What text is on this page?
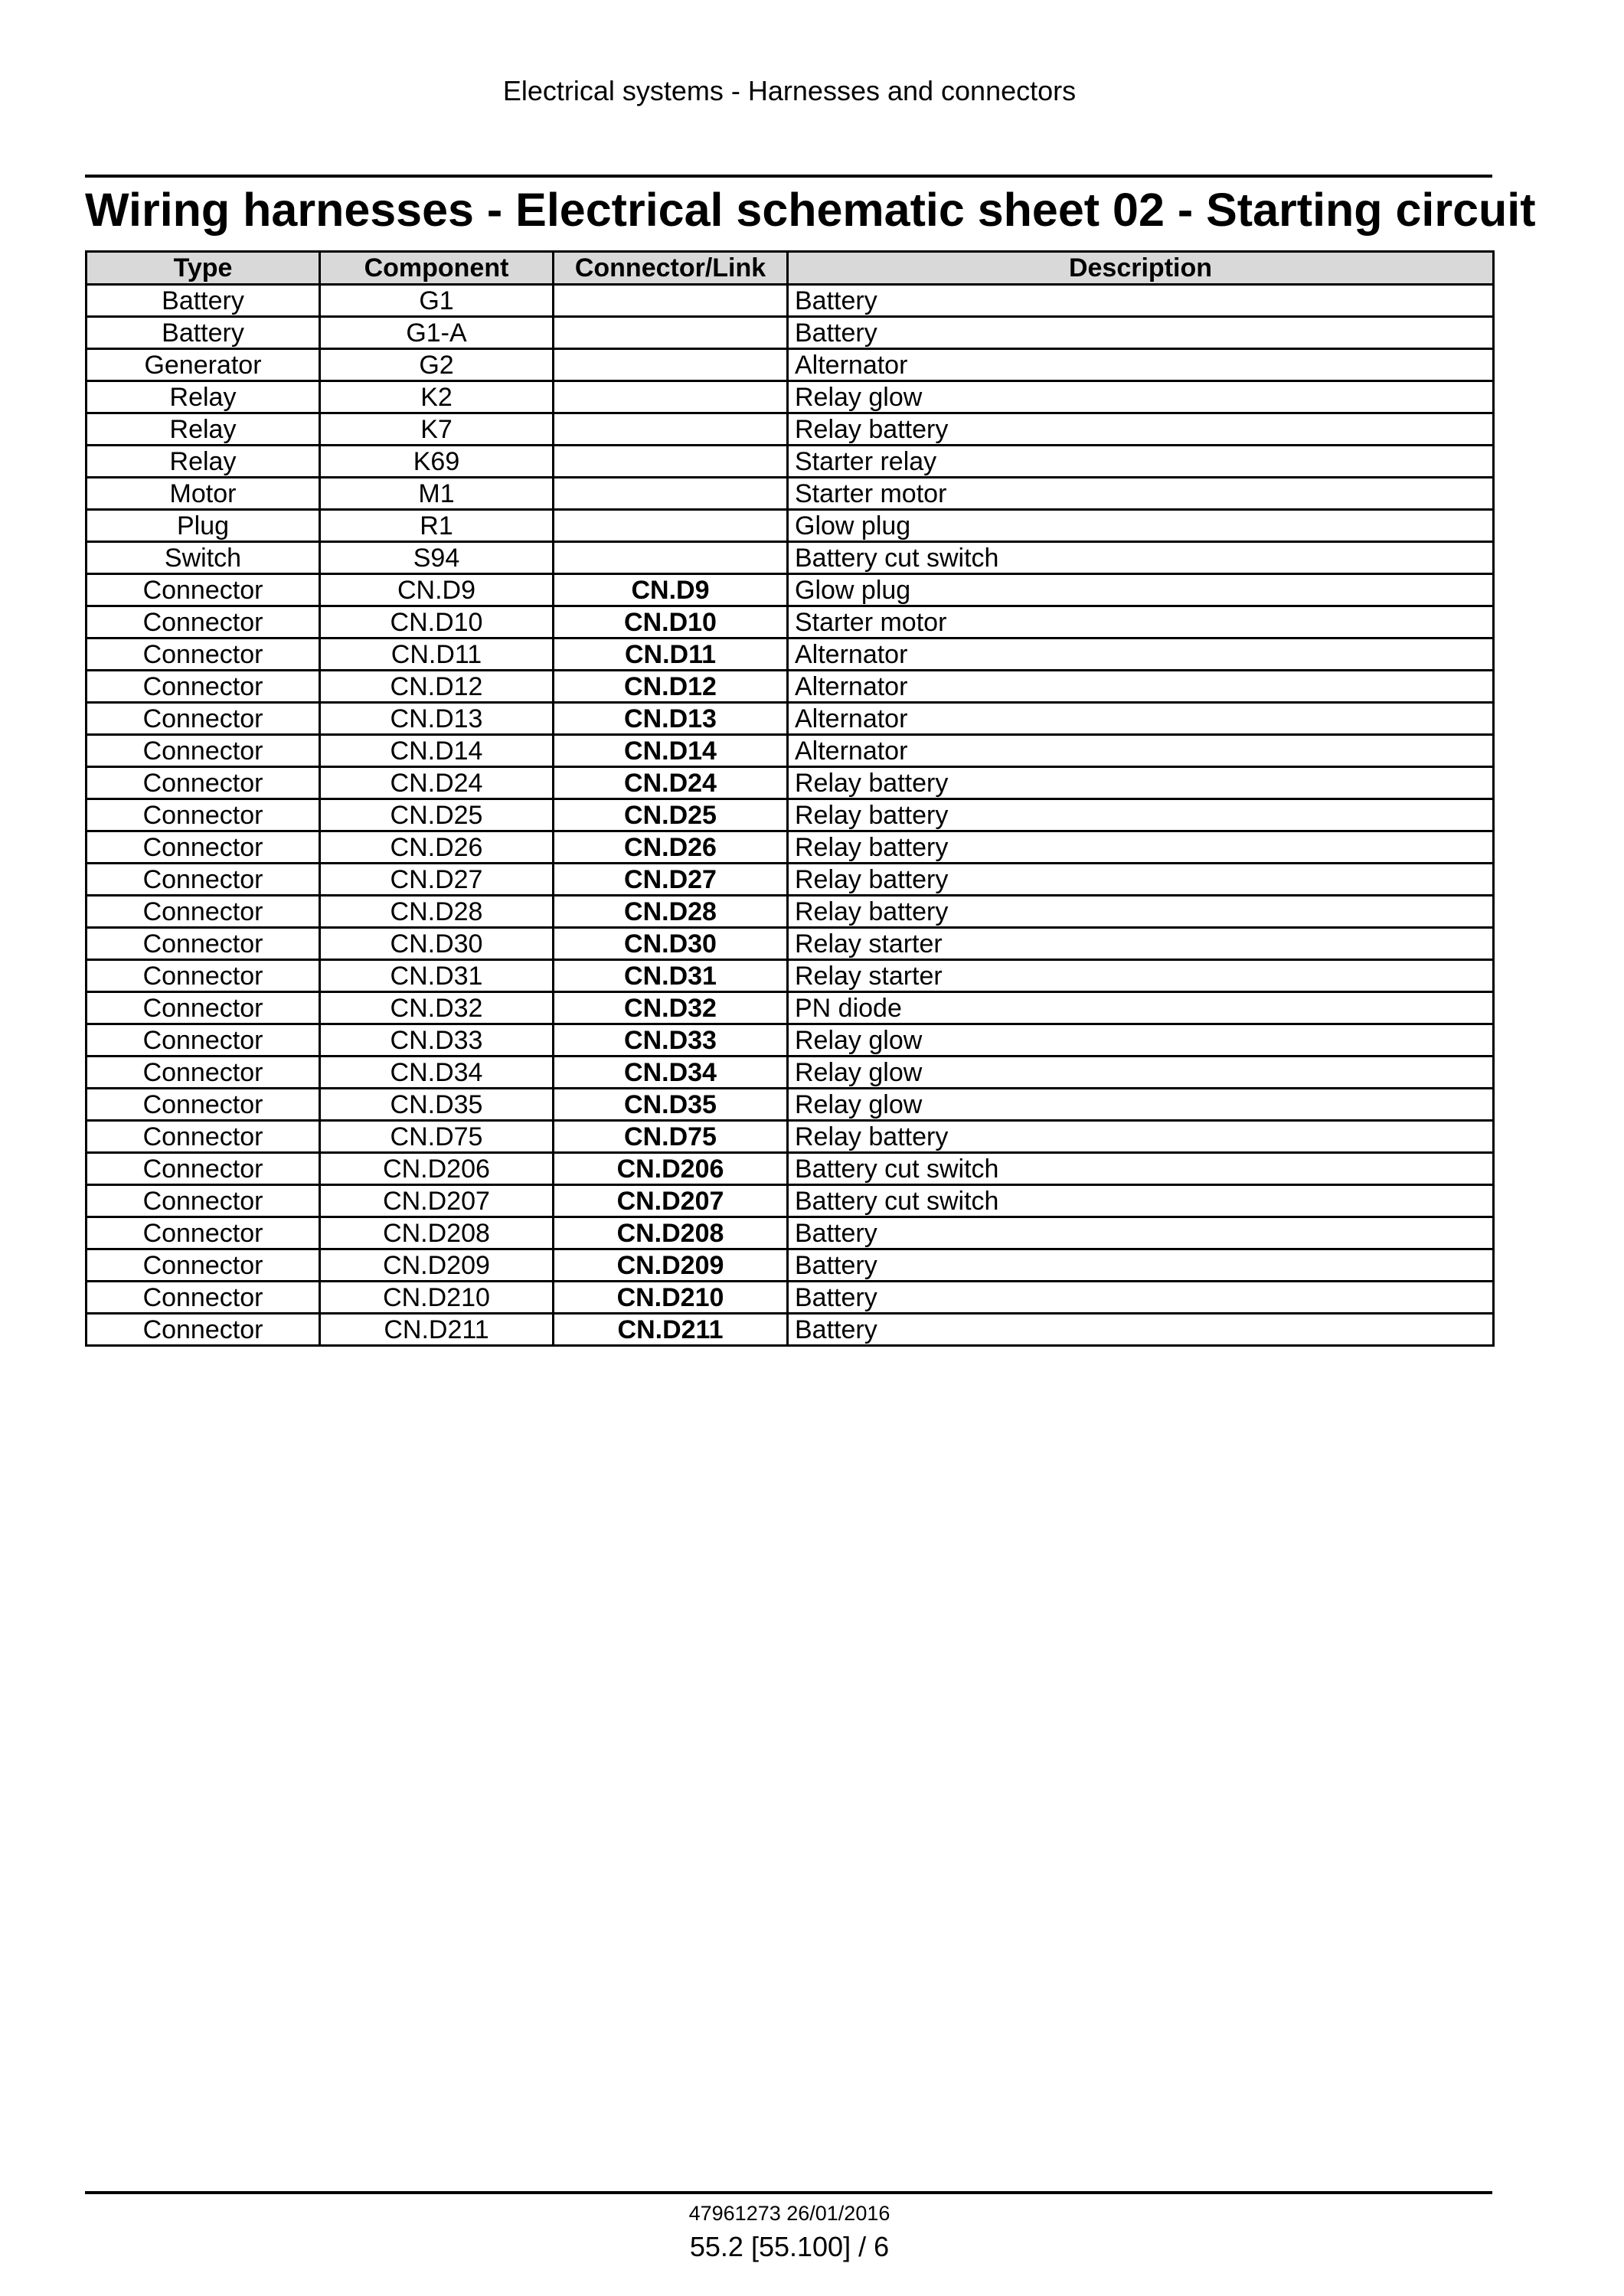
Electrical systems - Harnesses and connectors
Wiring harnesses - Electrical schematic sheet 02 - Starting circuit
Type	Component	Connector/Link	Description
Battery	G1		Battery
Battery	G1-A		Battery
Generator	G2		Alternator
Relay	K2		Relay glow
Relay	K7		Relay battery
Relay	K69		Starter relay
Motor	M1		Starter motor
Plug	R1		Glow plug
Switch	S94		Battery cut switch
Connector	CN.D9	CN.D9	Glow plug
Connector	CN.D10	CN.D10	Starter motor
Connector	CN.D11	CN.D11	Alternator
Connector	CN.D12	CN.D12	Alternator
Connector	CN.D13	CN.D13	Alternator
Connector	CN.D14	CN.D14	Alternator
Connector	CN.D24	CN.D24	Relay battery
Connector	CN.D25	CN.D25	Relay battery
Connector	CN.D26	CN.D26	Relay battery
Connector	CN.D27	CN.D27	Relay battery
Connector	CN.D28	CN.D28	Relay battery
Connector	CN.D30	CN.D30	Relay starter
Connector	CN.D31	CN.D31	Relay starter
Connector	CN.D32	CN.D32	PN diode
Connector	CN.D33	CN.D33	Relay glow
Connector	CN.D34	CN.D34	Relay glow
Connector	CN.D35	CN.D35	Relay glow
Connector	CN.D75	CN.D75	Relay battery
Connector	CN.D206	CN.D206	Battery cut switch
Connector	CN.D207	CN.D207	Battery cut switch
Connector	CN.D208	CN.D208	Battery
Connector	CN.D209	CN.D209	Battery
Connector	CN.D210	CN.D210	Battery
Connector	CN.D211	CN.D211	Battery
47961273 26/01/2016
55.2 [55.100] / 6
